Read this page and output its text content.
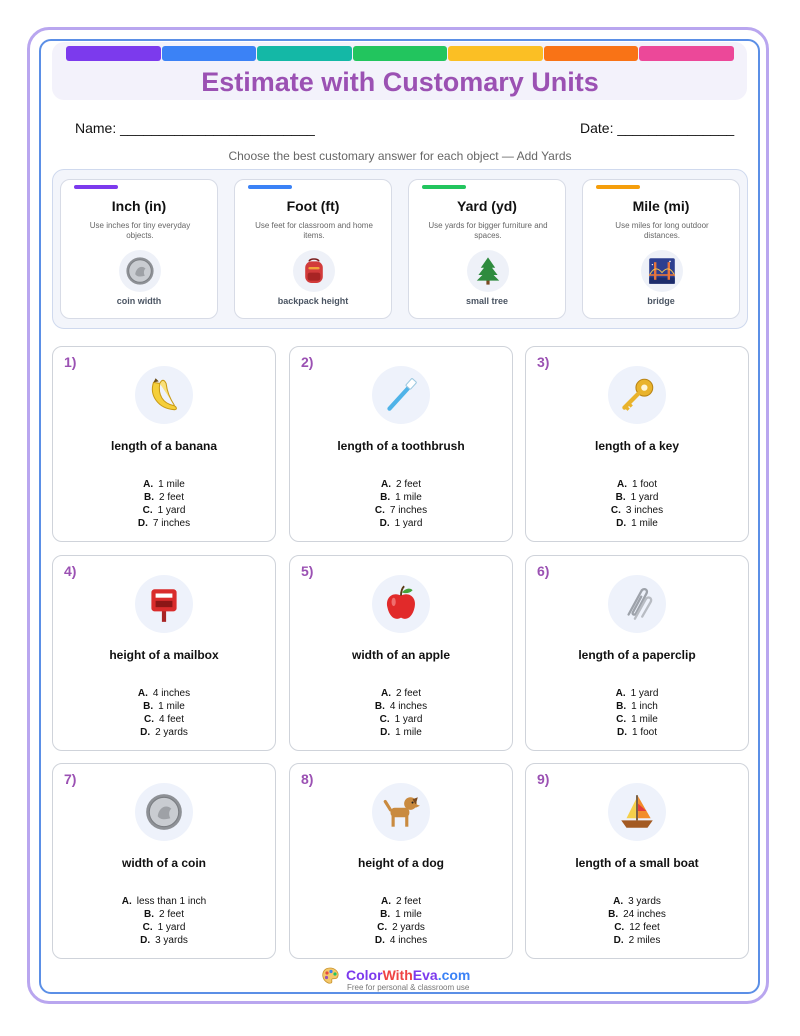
Estimate with Customary Units
Name: _________________________	Date: _______________
Choose the best customary answer for each object — Add Yards
Inch (in)
Use inches for tiny everyday objects.
coin width
Foot (ft)
Use feet for classroom and home items.
backpack height
Yard (yd)
Use yards for bigger furniture and spaces.
small tree
Mile (mi)
Use miles for long outdoor distances.
bridge
1)
length of a banana
A. 1 mile
B. 2 feet
C. 1 yard
D. 7 inches
2)
length of a toothbrush
A. 2 feet
B. 1 mile
C. 7 inches
D. 1 yard
3)
length of a key
A. 1 foot
B. 1 yard
C. 3 inches
D. 1 mile
4)
height of a mailbox
A. 4 inches
B. 1 mile
C. 4 feet
D. 2 yards
5)
width of an apple
A. 2 feet
B. 4 inches
C. 1 yard
D. 1 mile
6)
length of a paperclip
A. 1 yard
B. 1 inch
C. 1 mile
D. 1 foot
7)
width of a coin
A. less than 1 inch
B. 2 feet
C. 1 yard
D. 3 yards
8)
height of a dog
A. 2 feet
B. 1 mile
C. 2 yards
D. 4 inches
9)
length of a small boat
A. 3 yards
B. 24 inches
C. 12 feet
D. 2 miles
ColorWithEva.com
Free for personal & classroom use
